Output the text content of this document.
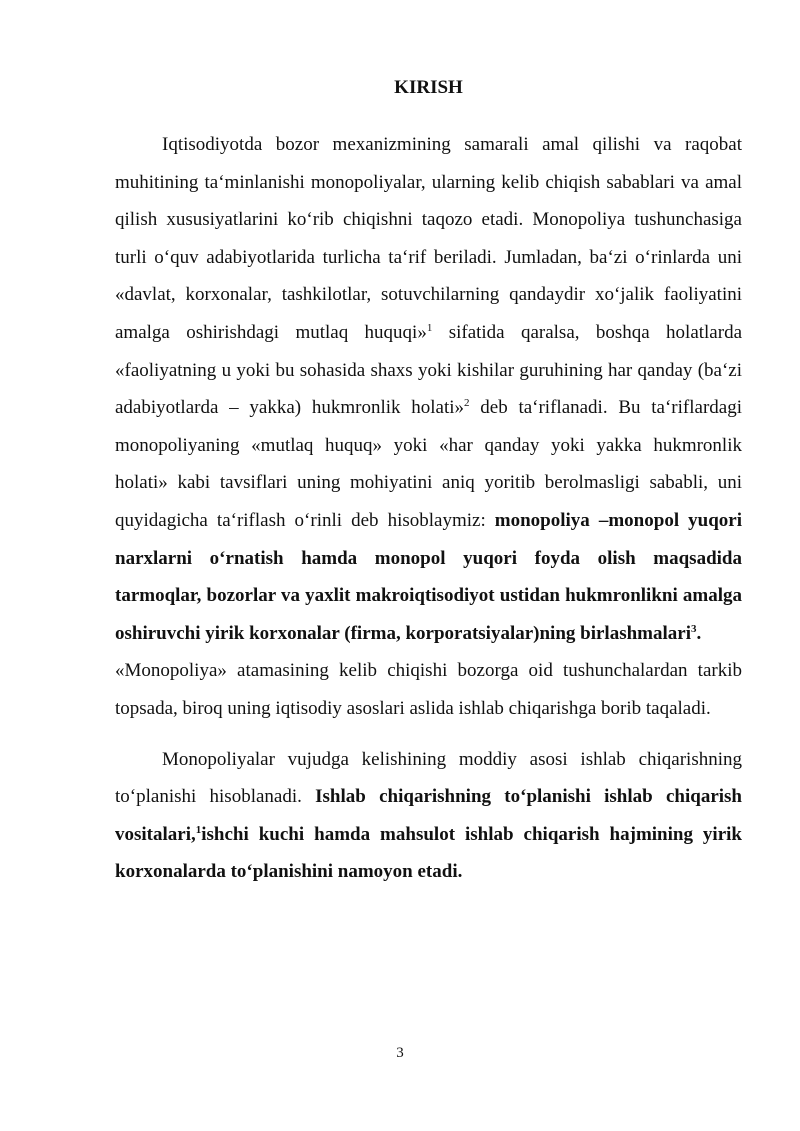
KIRISH

Iqtisodiyotda bozor mexanizmining samarali amal qilishi va raqobat muhitining ta‘minlanishi monopoliyalar, ularning kelib chiqish sabablari va amal qilish xususiyatlarini ko‘rib chiqishni taqozo etadi. Monopoliya tushunchasiga turli o‘quv adabiyotlarida turlicha ta‘rif beriladi. Jumladan, ba‘zi o‘rinlarda uni «davlat, korxonalar, tashkilotlar, sotuvchilarning qandaydir xo‘jalik faoliyatini amalga oshirishdagi mutlaq huquqi»$^1$ sifatida qaralsa, boshqa holatlarda «faoliyatning u yoki bu sohasida shaxs yoki kishilar guruhining har qanday (ba‘zi adabiyotlarda – yakka) hukmronlik holati»$^2$ deb ta‘riflanadi. Bu ta‘riflardagi monopoliyaning «mutlaq huquq» yoki «har qanday yoki yakka hukmronlik holati» kabi tavsiflari uning mohiyatini aniq yoritib berolmasligi sababli, uni quyidagicha ta‘riflash o‘rinli deb hisoblaymiz: monopoliya –monopol yuqori narxlarni o‘rnatish hamda monopol yuqori foyda olish maqsadida tarmoqlar, bozorlar va yaxlit makroiqtisodiyot ustidan hukmronlikni amalga oshiruvchi yirik korxonalar (firma, korporatsiyalar)ning birlashmalari$^3$.
«Monopoliya» atamasining kelib chiqishi bozorga oid tushunchalardan tarkib topsada, biroq uning iqtisodiy asoslari aslida ishlab chiqarishga borib taqaladi.

Monopoliyalar vujudga kelishining moddiy asosi ishlab chiqarishning to‘planishi hisoblanadi. Ishlab chiqarishning to‘planishi ishlab chiqarish vositalari,$^1$ishchi kuchi hamda mahsulot ishlab chiqarish hajmining yirik korxonalarda to‘planishini namoyon etadi.

3
